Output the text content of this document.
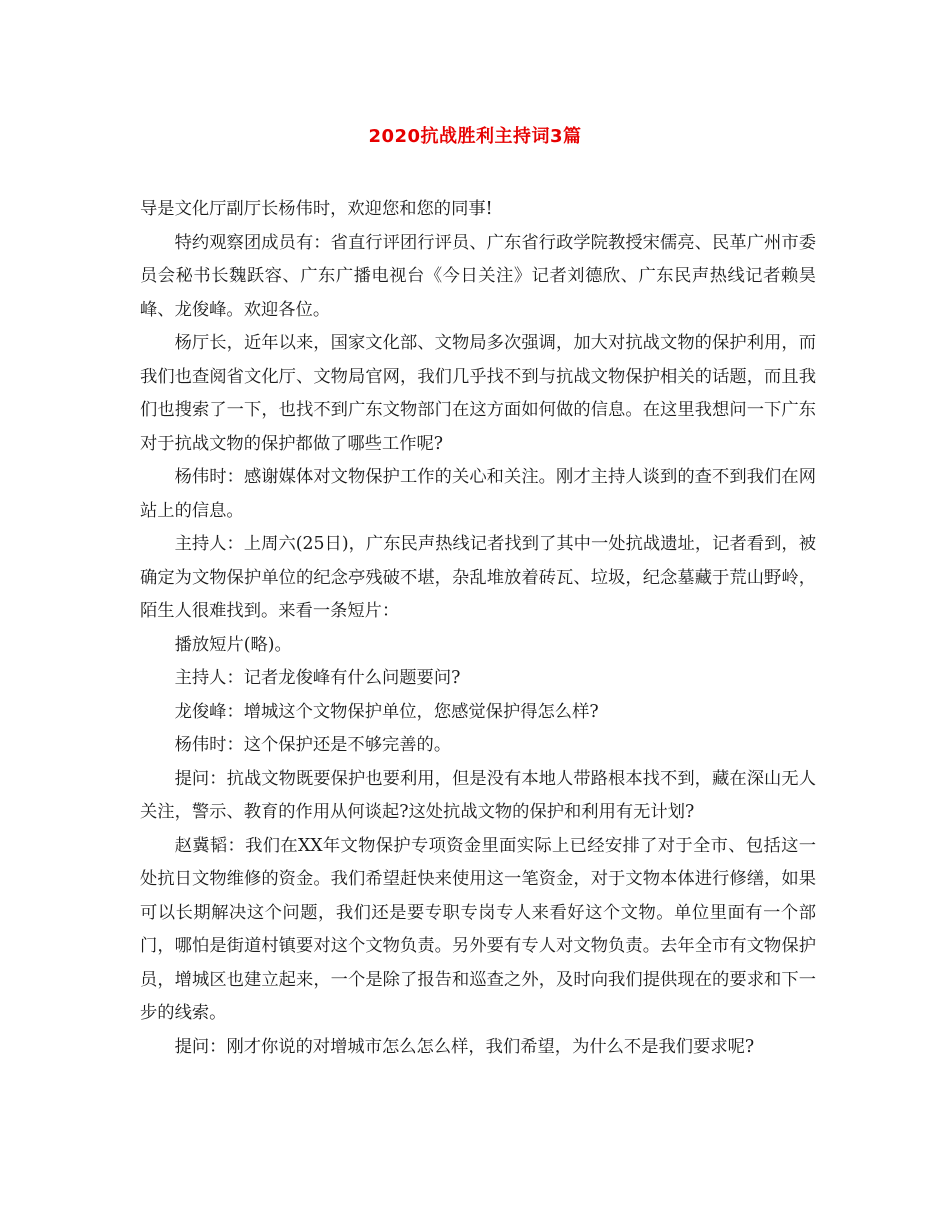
2020抗战胜利主持词3篇

导是文化厅副厅长杨伟时，欢迎您和您的同事!

特约观察团成员有：省直行评团行评员、广东省行政学院教授宋儒亮、民革广州市委员会秘书长魏跃容、广东广播电视台《今日关注》记者刘德欣、广东民声热线记者赖昊峰、龙俊峰。欢迎各位。

杨厅长，近年以来，国家文化部、文物局多次强调，加大对抗战文物的保护利用，而我们也查阅省文化厅、文物局官网，我们几乎找不到与抗战文物保护相关的话题，而且我们也搜索了一下，也找不到广东文物部门在这方面如何做的信息。在这里我想问一下广东对于抗战文物的保护都做了哪些工作呢?

杨伟时：感谢媒体对文物保护工作的关心和关注。刚才主持人谈到的查不到我们在网站上的信息。

主持人：上周六(25日)，广东民声热线记者找到了其中一处抗战遗址，记者看到，被确定为文物保护单位的纪念亭残破不堪，杂乱堆放着砖瓦、垃圾，纪念墓藏于荒山野岭，陌生人很难找到。来看一条短片：

播放短片(略)。

主持人：记者龙俊峰有什么问题要问?

龙俊峰：增城这个文物保护单位，您感觉保护得怎么样?

杨伟时：这个保护还是不够完善的。

提问：抗战文物既要保护也要利用，但是没有本地人带路根本找不到，藏在深山无人关注，警示、教育的作用从何谈起?这处抗战文物的保护和利用有无计划?

赵冀韬：我们在XX年文物保护专项资金里面实际上已经安排了对于全市、包括这一处抗日文物维修的资金。我们希望赶快来使用这一笔资金，对于文物本体进行修缮，如果可以长期解决这个问题，我们还是要专职专岗专人来看好这个文物。单位里面有一个部门，哪怕是街道村镇要对这个文物负责。另外要有专人对文物负责。去年全市有文物保护员，增城区也建立起来，一个是除了报告和巡查之外，及时向我们提供现在的要求和下一步的线索。

提问：刚才你说的对增城市怎么怎么样，我们希望，为什么不是我们要求呢?
